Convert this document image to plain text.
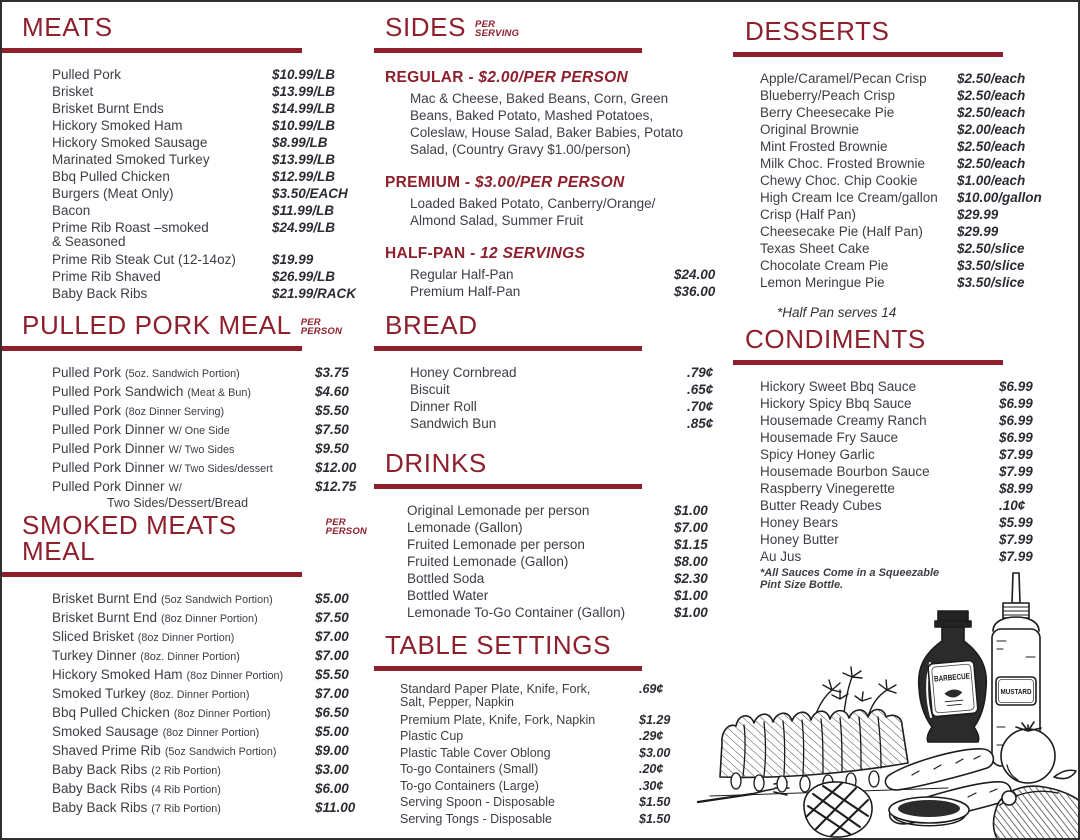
MEATS
Pulled Pork	$10.99/LB
Brisket	$13.99/LB
Brisket Burnt Ends	$14.99/LB
Hickory Smoked Ham	$10.99/LB
Hickory Smoked Sausage	$8.99/LB
Marinated Smoked Turkey	$13.99/LB
Bbq Pulled Chicken	$12.99/LB
Burgers (Meat Only)	$3.50/EACH
Bacon	$11.99/LB
Prime Rib Roast –smoked	$24.99/LB
& Seasoned
Prime Rib Steak Cut (12-14oz)	$19.99
Prime Rib Shaved	$26.99/LB
Baby Back Ribs	$21.99/RACK
PULLED PORK MEAL PER
PERSON
Pulled Pork (5oz. Sandwich Portion)	$3.75
Pulled Pork Sandwich (Meat & Bun)	$4.60
Pulled Pork (8oz Dinner Serving)	$5.50
Pulled Pork Dinner W/ One Side	$7.50
Pulled Pork Dinner W/ Two Sides	$9.50
Pulled Pork Dinner W/ Two Sides/dessert	$12.00
Pulled Pork Dinner W/	$12.75
Two Sides/Dessert/Bread
SMOKED MEATS MEAL
PER
PERSON
Brisket Burnt End (5oz Sandwich Portion)	$5.00
Brisket Burnt End (8oz Dinner Portion)	$7.50
Sliced Brisket (8oz Dinner Portion)	$7.00
Turkey Dinner (8oz. Dinner Portion)	$7.00
Hickory Smoked Ham (8oz Dinner Portion)	$5.50
Smoked Turkey (8oz. Dinner Portion)	$7.00
Bbq Pulled Chicken (8oz Dinner Portion)	$6.50
Smoked Sausage (8oz Dinner Portion)	$5.00
Shaved Prime Rib (5oz Sandwich Portion)	$9.00
Baby Back Ribs (2 Rib Portion)	$3.00
Baby Back Ribs (4 Rib Portion)	$6.00
Baby Back Ribs (7 Rib Portion)	$11.00
SIDES PER
SERVING
REGULAR - $2.00/PER PERSON
Mac & Cheese, Baked Beans, Corn, Green
Beans, Baked Potato, Mashed Potatoes,
Coleslaw, House Salad, Baker Babies, Potato
Salad, (Country Gravy $1.00/person)
PREMIUM - $3.00/PER PERSON
Loaded Baked Potato, Canberry/Orange/
Almond Salad, Summer Fruit
HALF-PAN - 12 SERVINGS
Regular Half-Pan	$24.00
Premium Half-Pan	$36.00
BREAD
Honey Cornbread	.79¢
Biscuit	.65¢
Dinner Roll	.70¢
Sandwich Bun	.85¢
DRINKS
Original Lemonade per person	$1.00
Lemonade (Gallon)	$7.00
Fruited Lemonade per person	$1.15
Fruited Lemonade (Gallon)	$8.00
Bottled Soda	$2.30
Bottled Water	$1.00
Lemonade To-Go Container (Gallon)	$1.00
TABLE SETTINGS
Standard Paper Plate, Knife, Fork,	.69¢
Salt, Pepper, Napkin
Premium Plate, Knife, Fork, Napkin	$1.29
Plastic Cup	.29¢
Plastic Table Cover Oblong	$3.00
To-go Containers (Small)	.20¢
To-go Containers (Large)	.30¢
Serving Spoon - Disposable	$1.50
Serving Tongs - Disposable	$1.50
DESSERTS
Apple/Caramel/Pecan Crisp	$2.50/each
Blueberry/Peach Crisp	$2.50/each
Berry Cheesecake Pie	$2.50/each
Original Brownie	$2.00/each
Mint Frosted Brownie	$2.50/each
Milk Choc. Frosted Brownie	$2.50/each
Chewy Choc. Chip Cookie	$1.00/each
High Cream Ice Cream/gallon	$10.00/gallon
Crisp (Half Pan)	$29.99
Cheesecake Pie (Half Pan)	$29.99
Texas Sheet Cake	$2.50/slice
Chocolate Cream Pie	$3.50/slice
Lemon Meringue Pie	$3.50/slice
*Half Pan serves 14
CONDIMENTS
Hickory Sweet Bbq Sauce	$6.99
Hickory Spicy Bbq Sauce	$6.99
Housemade Creamy Ranch	$6.99
Housemade Fry Sauce	$6.99
Spicy Honey Garlic	$7.99
Housemade Bourbon Sauce	$7.99
Raspberry Vinegerette	$8.99
Butter Ready Cubes	.10¢
Honey Bears	$5.99
Honey Butter	$7.99
Au Jus	$7.99
*All Sauces Come in a Squeezable
Pint Size Bottle.
BARBECUE
MUSTARD
